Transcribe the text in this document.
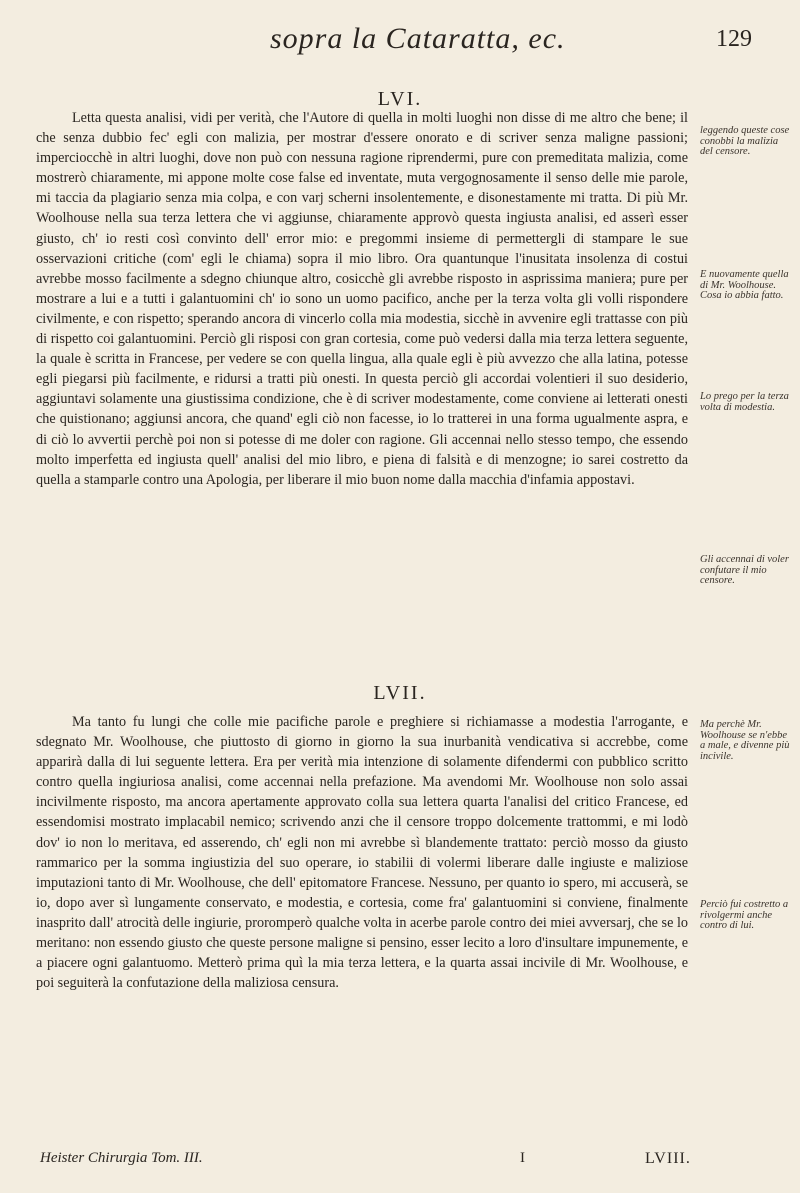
sopra la Cataratta, ec.	129
LVI.

Letta questa analisi, vidi per verità, che l'Autore di quella in molti luoghi non disse di me altro che bene; il che senza dubbio fec' egli con malizia, per mostrar d'essere onorato e di scriver senza maligne passioni; imperciocchè in altri luoghi, dove non può con nessuna ragione riprendermi, pure con premeditata malizia, come mostrerò chiaramente, mi appone molte cose false ed inventate, muta vergognosamente il senso delle mie parole, mi taccia da plagiario senza mia colpa, e con varj scherni insolentemente, e disonestamente mi tratta. Di più Mr. Woolhouse nella sua terza lettera che vi aggiunse, chiaramente approvò questa ingiusta analisi, ed asserì esser giusto, ch' io resti così convinto dell' error mio: e pregommi insieme di permettergli di stampare le sue osservazioni critiche (com' egli le chiama) sopra il mio libro. Ora quantunque l'inusitata insolenza di costui avrebbe mosso facilmente a sdegno chiunque altro, cosicchè gli avrebbe risposto in asprissima maniera; pure per mostrare a lui e a tutti i galantuomini ch' io sono un uomo pacifico, anche per la terza volta gli volli rispondere civilmente, e con rispetto; sperando ancora di vincerlo colla mia modestia, sicchè in avvenire egli trattasse con più di rispetto coi galantuomini. Perciò gli risposi con gran cortesia, come può vedersi dalla mia terza lettera seguente, la quale è scritta in Francese, per vedere se con quella lingua, alla quale egli è più avvezzo che alla latina, potesse egli piegarsi più facilmente, e ridursi a tratti più onesti. In questa perciò gli accordai volentieri il suo desiderio, aggiuntavi solamente una giustissima condizione, che è di scriver modestamente, come conviene ai letterati onesti che quistionano; aggiunsi ancora, che quand' egli ciò non facesse, io lo tratterei in una forma ugualmente aspra, e di ciò lo avvertii perchè poi non si potesse di me doler con ragione. Gli accennai nello stesso tempo, che essendo molto imperfetta ed ingiusta quell' analisi del mio libro, e piena di falsità e di menzogne; io sarei costretto da quella a stamparle contro una Apologia, per liberare il mio buon nome dalla macchia d'infamia appostavi.

LVII.

Ma tanto fu lungi che colle mie pacifiche parole e preghiere si richiamasse a modestia l'arrogante, e sdegnato Mr. Woolhouse, che piuttosto di giorno in giorno la sua inurbanità vendicativa si accrebbe, come apparirà dalla di lui seguente lettera. Era per verità mia intenzione di solamente difendermi con pubblico scritto contro quella ingiuriosa analisi, come accennai nella prefazione. Ma avendomi Mr. Woolhouse non solo assai incivilmente risposto, ma ancora apertamente approvato colla sua lettera quarta l'analisi del critico Francese, ed essendomisi mostrato implacabil nemico; scrivendo anzi che il censore troppo dolcemente trattommi, e mi lodò dov' io non lo meritava, ed asserendo, ch' egli non mi avrebbe sì blandemente trattato: perciò mosso da giusto rammarico per la somma ingiustizia del suo operare, io stabilii di volermi liberare dalle ingiuste e maliziose imputazioni tanto di Mr. Woolhouse, che dell' epitomatore Francese. Nessuno, per quanto io spero, mi accuserà, se io, dopo aver sì lungamente conservato, e modestia, e cortesia, come fra' galantuomini si conviene, finalmente inasprito dall' atrocità delle ingiurie, proromperò qualche volta in acerbe parole contro dei miei avversarj, che se lo meritano: non essendo giusto che queste persone maligne si pensino, esser lecito a loro d'insultare impunemente, e a piacere ogni galantuomo. Metterò prima quì la mia terza lettera, e la quarta assai incivile di Mr. Woolhouse, e poi seguiterà la confutazione della maliziosa censura.

leggendo queste cose conobbi la malizia del censore.
E nuovamente quella di Mr. Woolhouse. Cosa io abbia fatto.
Lo prego per la terza volta di modestia.
Gli accennai di voler confutare il mio censore.
Ma perchè Mr. Woolhouse se n'ebbe a male, e divenne più incivile.
Perciò fui costretto a rivolgermi anche contro di lui.
Heister Chirurgia Tom. III.	I	LVIII.
